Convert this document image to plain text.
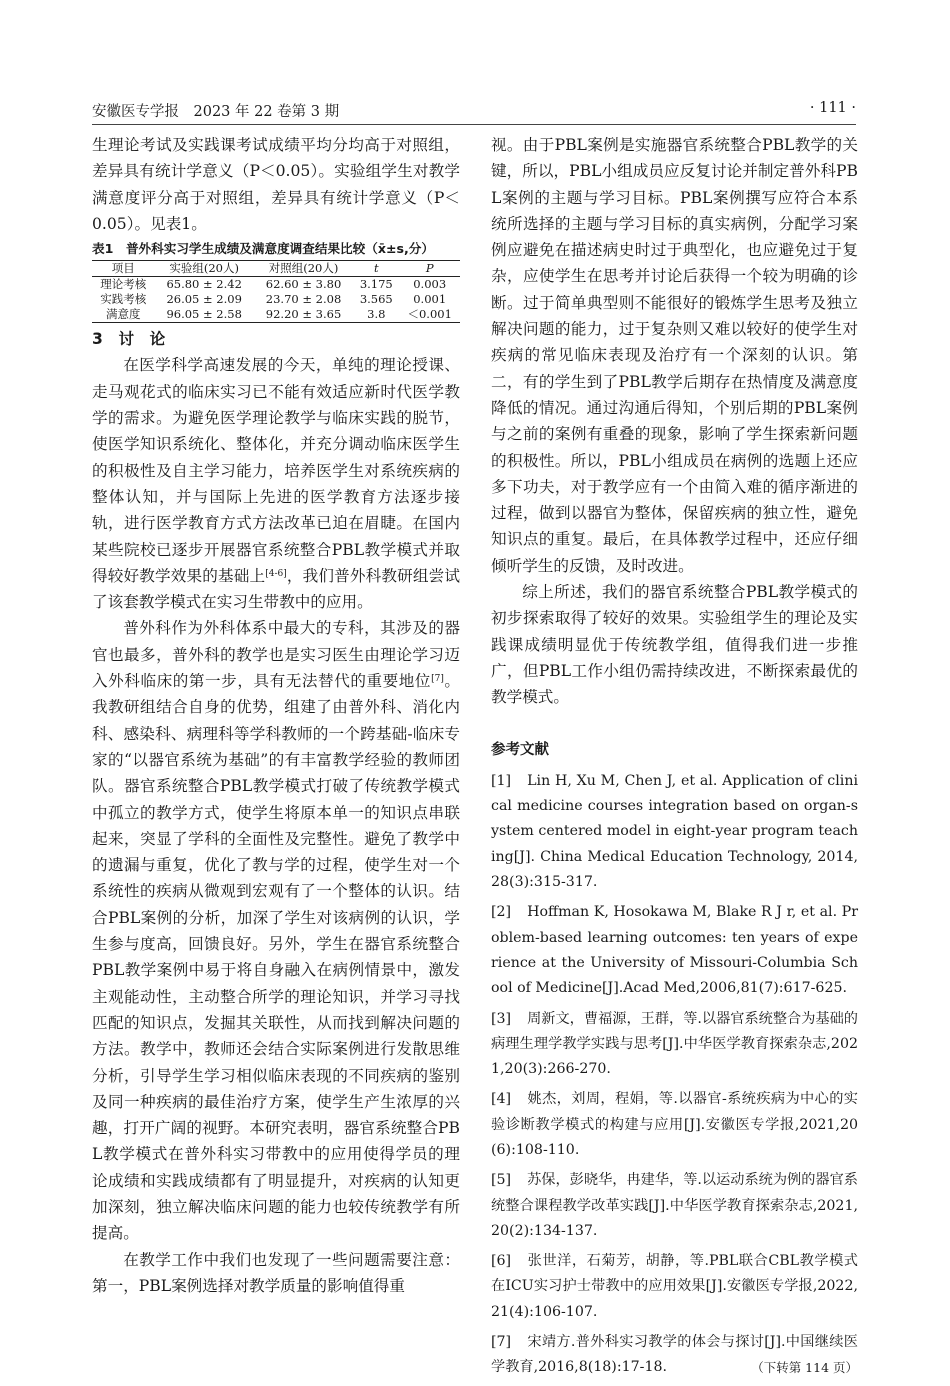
安徽医专学报　2023 年 22 卷第 3 期	· 111 ·

生理论考试及实践课考试成绩平均分均高于对照组，差异具有统计学意义（P＜0.05）。实验组学生对教学满意度评分高于对照组，差异具有统计学意义（P＜0.05）。见表1。

表1　普外科实习学生成绩及满意度调查结果比较（x̄±s,分）
项目	实验组(20人)	对照组(20人)	t	P
理论考核	65.80 ± 2.42	62.60 ± 3.80	3.175	0.003
实践考核	26.05 ± 2.09	23.70 ± 2.08	3.565	0.001
满意度	96.05 ± 2.58	92.20 ± 3.65	3.8	＜0.001
3　讨　论

在医学科学高速发展的今天，单纯的理论授课、走马观花式的临床实习已不能有效适应新时代医学教学的需求。为避免医学理论教学与临床实践的脱节，使医学知识系统化、整体化，并充分调动临床医学生的积极性及自主学习能力，培养医学生对系统疾病的整体认知，并与国际上先进的医学教育方法逐步接轨，进行医学教育方式方法改革已迫在眉睫。在国内某些院校已逐步开展器官系统整合PBL教学模式并取得较好教学效果的基础上[4-6]，我们普外科教研组尝试了该套教学模式在实习生带教中的应用。

普外科作为外科体系中最大的专科，其涉及的器官也最多，普外科的教学也是实习医生由理论学习迈入外科临床的第一步，具有无法替代的重要地位[7]。我教研组结合自身的优势，组建了由普外科、消化内科、感染科、病理科等学科教师的一个跨基础-临床专家的“以器官系统为基础”的有丰富教学经验的教师团队。器官系统整合PBL教学模式打破了传统教学模式中孤立的教学方式，使学生将原本单一的知识点串联起来，突显了学科的全面性及完整性。避免了教学中的遗漏与重复，优化了教与学的过程，使学生对一个系统性的疾病从微观到宏观有了一个整体的认识。结合PBL案例的分析，加深了学生对该病例的认识，学生参与度高，回馈良好。另外，学生在器官系统整合PBL教学案例中易于将自身融入在病例情景中，激发主观能动性，主动整合所学的理论知识，并学习寻找匹配的知识点，发掘其关联性，从而找到解决问题的方法。教学中，教师还会结合实际案例进行发散思维分析，引导学生学习相似临床表现的不同疾病的鉴别及同一种疾病的最佳治疗方案，使学生产生浓厚的兴趣，打开广阔的视野。本研究表明，器官系统整合PBL教学模式在普外科实习带教中的应用使得学员的理论成绩和实践成绩都有了明显提升，对疾病的认知更加深刻，独立解决临床问题的能力也较传统教学有所提高。

在教学工作中我们也发现了一些问题需要注意：第一，PBL案例选择对教学质量的影响值得重

视。由于PBL案例是实施器官系统整合PBL教学的关键，所以，PBL小组成员应反复讨论并制定普外科PBL案例的主题与学习目标。PBL案例撰写应符合本系统所选择的主题与学习目标的真实病例，分配学习案例应避免在描述病史时过于典型化，也应避免过于复杂，应使学生在思考并讨论后获得一个较为明确的诊断。过于简单典型则不能很好的锻炼学生思考及独立解决问题的能力，过于复杂则又难以较好的使学生对疾病的常见临床表现及治疗有一个深刻的认识。第二，有的学生到了PBL教学后期存在热情度及满意度降低的情况。通过沟通后得知，个别后期的PBL案例与之前的案例有重叠的现象，影响了学生探索新问题的积极性。所以，PBL小组成员在病例的选题上还应多下功夫，对于教学应有一个由简入难的循序渐进的过程，做到以器官为整体，保留疾病的独立性，避免知识点的重复。最后，在具体教学过程中，还应仔细倾听学生的反馈，及时改进。

综上所述，我们的器官系统整合PBL教学模式的初步探索取得了较好的效果。实验组学生的理论及实践课成绩明显优于传统教学组，值得我们进一步推广，但PBL工作小组仍需持续改进，不断探索最优的教学模式。

参考文献
[1] Lin H, Xu M, Chen J, et al. Application of clinical medicine courses integration based on organ-system centered model in eight-year program teaching[J]. China Medical Education Technology, 2014, 28(3):315-317.
[2] Hoffman K, Hosokawa M, Blake R J r, et al. Problem-based learning outcomes: ten years of experience at the University of Missouri-Columbia School of Medicine[J].Acad Med,2006,81(7):617-625.
[3] 周新文，曹福源，王群，等.以器官系统整合为基础的病理生理学教学实践与思考[J].中华医学教育探索杂志,2021,20(3):266-270.
[4] 姚杰，刘周，程娟，等.以器官-系统疾病为中心的实验诊断教学模式的构建与应用[J].安徽医专学报,2021,20(6):108-110.
[5] 苏保，彭晓华，冉建华，等.以运动系统为例的器官系统整合课程教学改革实践[J].中华医学教育探索杂志,2021,20(2):134-137.
[6] 张世洋，石菊芳，胡静，等.PBL联合CBL教学模式在ICU实习护士带教中的应用效果[J].安徽医专学报,2022,21(4):106-107.
[7] 宋靖方.普外科实习教学的体会与探讨[J].中国继续医学教育,2016,8(18):17-18.	（下转第 114 页）
